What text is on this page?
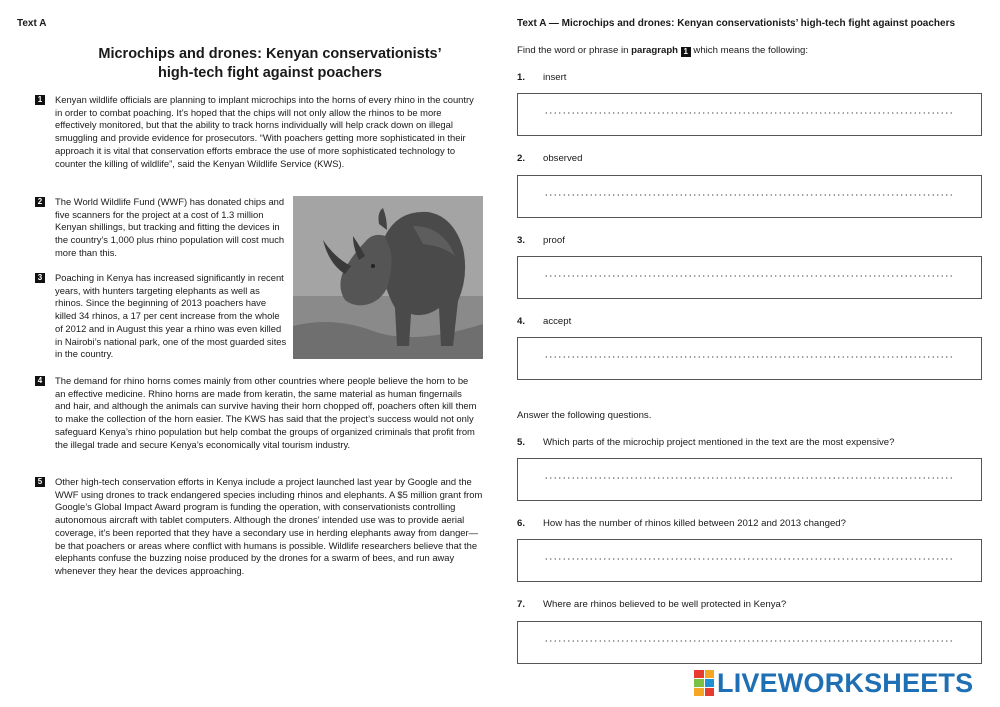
Text A
Microchips and drones: Kenyan conservationists’
high-tech fight against poachers
1 Kenyan wildlife officials are planning to implant microchips into the horns of every rhino in the country in order to combat poaching. It’s hoped that the chips will not only allow the rhinos to be more effectively monitored, but that the ability to track horns individually will help crack down on illegal smuggling and provide evidence for prosecutors. “With poachers getting more sophisticated in their approach it is vital that conservation efforts embrace the use of more sophisticated technology to counter the killing of wildlife”, said the Kenyan Wildlife Service (KWS).
2 The World Wildlife Fund (WWF) has donated chips and five scanners for the project at a cost of 1.3 million Kenyan shillings, but tracking and fitting the devices in the country’s 1,000 plus rhino population will cost much more than this.
3 Poaching in Kenya has increased significantly in recent years, with hunters targeting elephants as well as rhinos. Since the beginning of 2013 poachers have killed 34 rhinos, a 17 per cent increase from the whole of 2012 and in August this year a rhino was even killed in Nairobi’s national park, one of the most guarded sites in the country.
4 The demand for rhino horns comes mainly from other countries where people believe the horn to be an effective medicine. Rhino horns are made from keratin, the same material as human fingernails and hair, and although the animals can survive having their horn chopped off, poachers often kill them to make the collection of the horn easier. The KWS has said that the project’s success would not only safeguard Kenya’s rhino population but help combat the groups of organized criminals that profit from the illegal trade and secure Kenya’s economically vital tourism industry.
5 Other high-tech conservation efforts in Kenya include a project launched last year by Google and the WWF using drones to track endangered species including rhinos and elephants. A $5 million grant from Google’s Global Impact Award program is funding the operation, with conservationists controlling autonomous aircraft with tablet computers. Although the drones’ intended use was to provide aerial coverage, it’s been reported that they have a secondary use in herding elephants away from danger—be that poachers or areas where conflict with humans is possible. Wildlife researchers believe that the elephants confuse the buzzing noise produced by the drones for a swarm of bees, and run away whenever they hear the devices approaching.
Text A — Microchips and drones: Kenyan conservationists’ high-tech fight against poachers
Find the word or phrase in paragraph 1 which means the following:
1. insert
2. observed
3. proof
4. accept
Answer the following questions.
5. Which parts of the microchip project mentioned in the text are the most expensive?
6. How has the number of rhinos killed between 2012 and 2013 changed?
7. Where are rhinos believed to be well protected in Kenya?
LIVEWORKSHEETS
